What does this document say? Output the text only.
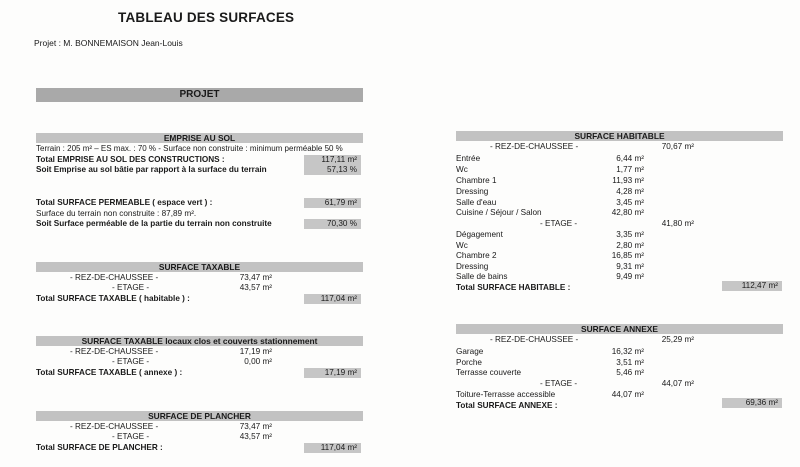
TABLEAU DES SURFACES
Projet : M. BONNEMAISON Jean-Louis
PROJET
EMPRISE AU SOL
Terrain : 205 m² – ES max. : 70 % - Surface non construite : minimum perméable 50 %
Total EMPRISE AU SOL DES CONSTRUCTIONS :	117,11 m²
Soit Emprise au sol bâtie par rapport à la surface du terrain	57,13 %
Total SURFACE PERMEABLE ( espace vert ) :	61,79 m²
Surface du terrain non construite : 87,89 m².
Soit Surface perméable de la partie du terrain non construite	70,30 %
SURFACE TAXABLE
- REZ-DE-CHAUSSEE -	73,47 m²
- ETAGE -	43,57 m²
Total SURFACE TAXABLE ( habitable ) :	117,04 m²
SURFACE TAXABLE locaux clos et couverts stationnement
- REZ-DE-CHAUSSEE -	17,19 m²
- ETAGE -	0,00 m²
Total SURFACE TAXABLE ( annexe ) :	17,19 m²
SURFACE DE PLANCHER
- REZ-DE-CHAUSSEE -	73,47 m²
- ETAGE -	43,57 m²
Total SURFACE DE PLANCHER :	117,04 m²
SURFACE HABITABLE
- REZ-DE-CHAUSSEE -	70,67 m²
Entrée	6,44 m²
Wc	1,77 m²
Chambre 1	11,93 m²
Dressing	4,28 m²
Salle d'eau	3,45 m²
Cuisine / Séjour / Salon	42,80 m²
- ETAGE -	41,80 m²
Dégagement	3,35 m²
Wc	2,80 m²
Chambre 2	16,85 m²
Dressing	9,31 m²
Salle de bains	9,49 m²
Total SURFACE HABITABLE :	112,47 m²
SURFACE ANNEXE
- REZ-DE-CHAUSSEE -	25,29 m²
Garage	16,32 m²
Porche	3,51 m²
Terrasse couverte	5,46 m²
- ETAGE -	44,07 m²
Toiture-Terrasse accessible	44,07 m²
Total SURFACE ANNEXE :	69,36 m²
